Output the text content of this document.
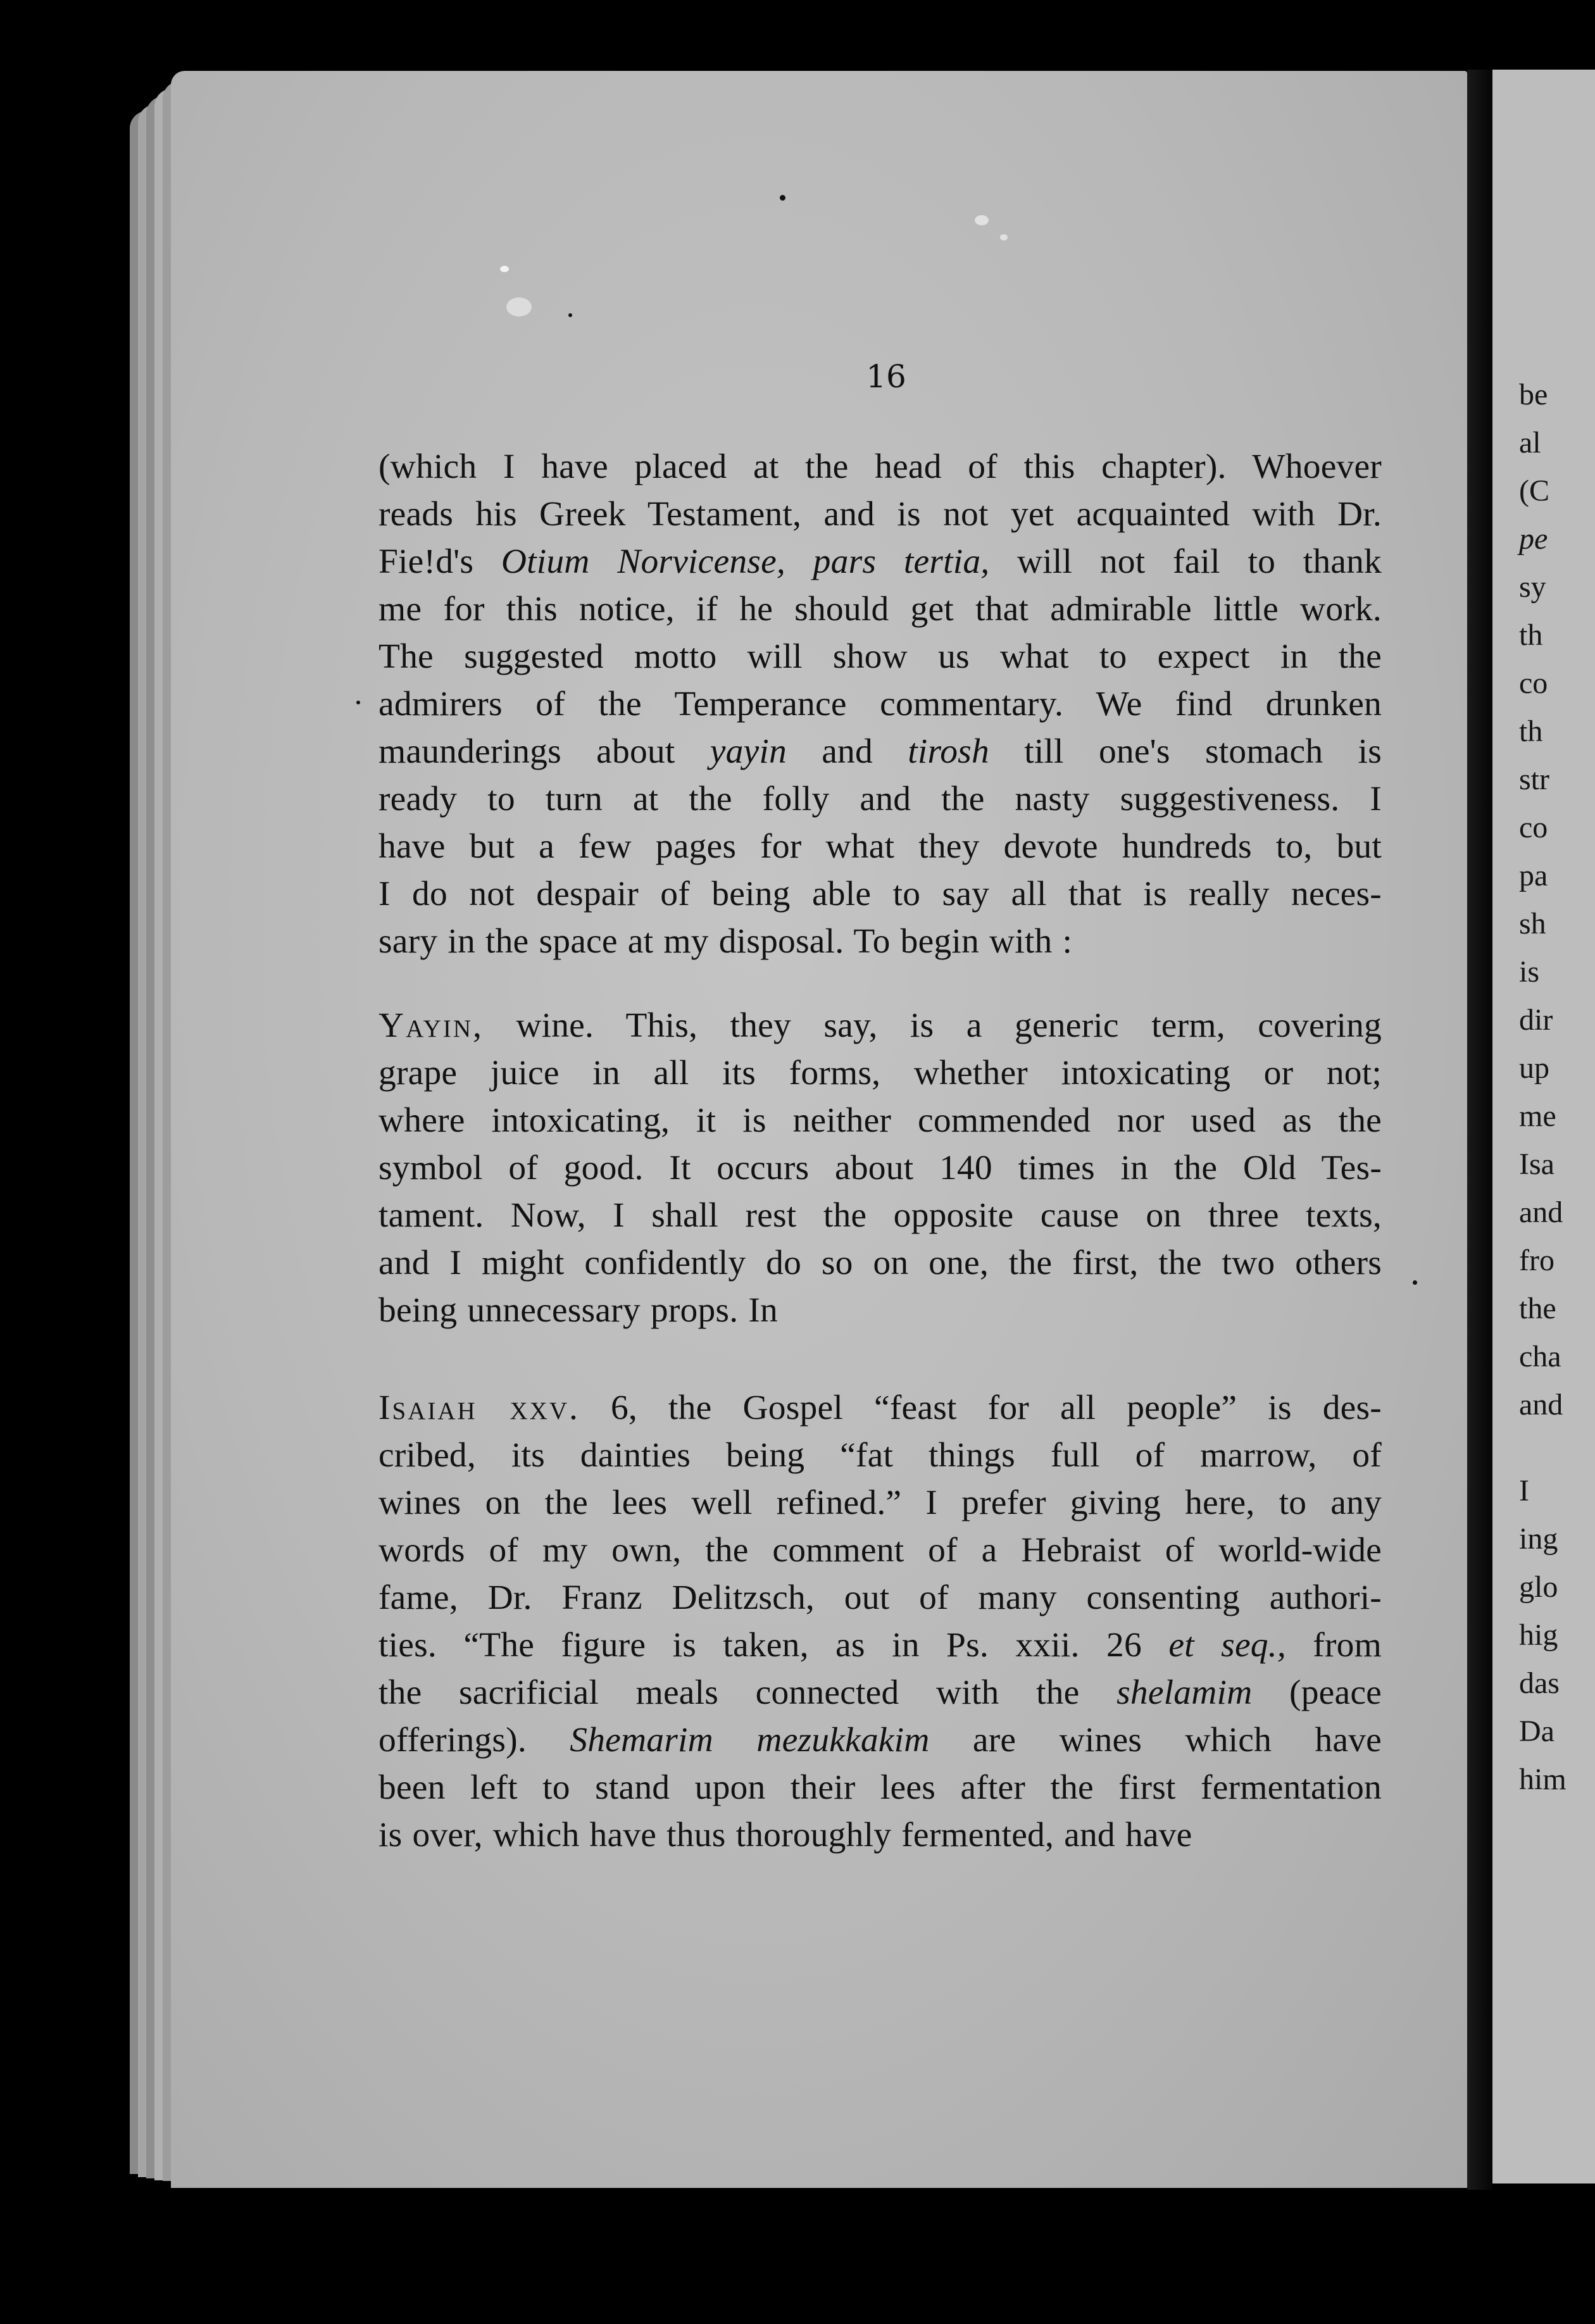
be
al
(C
pe
sy
th
co
th
str
co
pa
sh
is
dir
up
me
Isa
and
fro
the
cha
and
I
ing
glo
hig
das
Da
him
16
(which I have placed at the head of this chapter). Whoever
reads his Greek Testament, and is not yet acquainted with Dr.
Fie!d's Otium Norvicense, pars tertia, will not fail to thank
me for this notice, if he should get that admirable little work.
The suggested motto will show us what to expect in the
admirers of the Temperance commentary. We find drunken
maunderings about yayin and tirosh till one's stomach is
ready to turn at the folly and the nasty suggestiveness. I
have but a few pages for what they devote hundreds to, but
I do not despair of being able to say all that is really neces-
sary in the space at my disposal. To begin with :
Yayin, wine. This, they say, is a generic term, covering
grape juice in all its forms, whether intoxicating or not;
where intoxicating, it is neither commended nor used as the
symbol of good. It occurs about 140 times in the Old Tes-
tament. Now, I shall rest the opposite cause on three texts,
and I might confidently do so on one, the first, the two others
being unnecessary props. In
Isaiah xxv. 6, the Gospel “feast for all people” is des-
cribed, its dainties being “fat things full of marrow, of
wines on the lees well refined.” I prefer giving here, to any
words of my own, the comment of a Hebraist of world-wide
fame, Dr. Franz Delitzsch, out of many consenting authori-
ties. “The figure is taken, as in Ps. xxii. 26 et seq., from
the sacrificial meals connected with the shelamim (peace
offerings). Shemarim mezukkakim are wines which have
been left to stand upon their lees after the first fermentation
is over, which have thus thoroughly fermented, and have
